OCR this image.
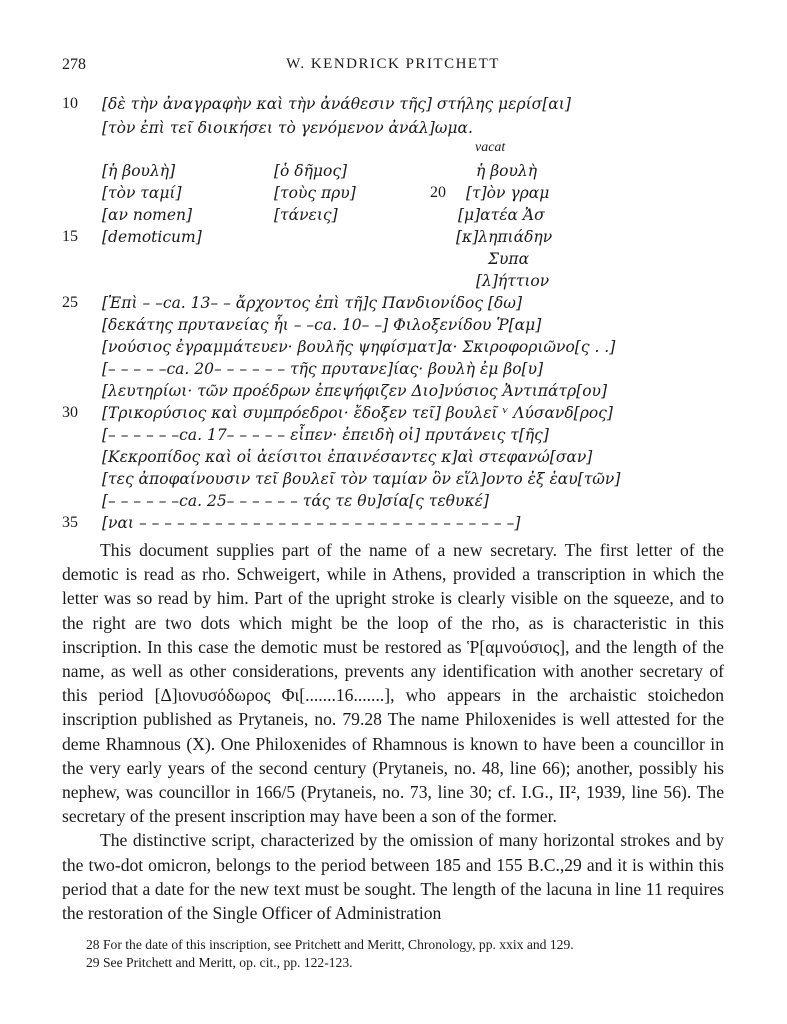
278	W. KENDRICK PRITCHETT
10 [δὲ τὴν ἀναγραφὴν καὶ τὴν ἀνάθεσιν τῆς] στήλης μερίσ[αι]
[τὸν ἐπὶ τεῖ διοικήσει τὸ γενόμενον ἀνάλ]ωμα.
vacat
[ἡ βουλὴ]
[τὸν ταμί]
[αν nomen]
15 [demoticum]
[ὁ δῆμος]
[τοὺς πρυ]
[τάνεις]
ἡ βουλὴ
20 [τ]ὸν γραμ
[μ]ατέα Ἀσ
[κ]ληπιάδην
Συπα
[λ]ήττιον
25 [Ἐπὶ – –ca. 13– – ἄρχοντος ἐπὶ τῆ]ς Πανδιονίδος [δω]
[δεκάτης πρυτανείας ἧι – –ca. 10– –] Φιλοξενίδου Ῥ[αμ]
[νούσιος ἐγραμμάτευεν· βουλῆς ψηφίσματ]α· Σκιροφοριῶνο[ς . .]
[– – – – –ca. 20– – – – – – τῆς πρυτανε]ίας· βουλὴ ἐμ βο[υ]
[λευτηρίωι· τῶν προέδρων ἐπεψήφιζεν Διο]νύσιος Ἀντιπάτρ[ου]
30 [Τρικορύσιος καὶ συμπρόεδροι· ἔδοξεν τεῖ] βουλεῖ ᵛ Λύσανδ[ρος]
[– – – – – –ca. 17– – – – – εἶπεν· ἐπειδὴ οἱ] πρυτάνεις τ[ῆς]
[Κεκροπίδος καὶ οἱ ἀείσιτοι ἐπαινέσαντες κ]αὶ στεφανώ[σαν]
[τες ἀποφαίνουσιν τεῖ βουλεῖ τὸν ταμίαν ὃν εἵλ]οντο ἐξ ἑαυ[τῶν]
[– – – – – –ca. 25– – – – – – τάς τε θυ]σία[ς τεθυκέ]
35 [ναι – – – – – – – – – – – – – – – – – – – – – – – – – – – – – –]

This document supplies part of the name of a new secretary. The first letter of the demotic is read as rho. Schweigert, while in Athens, provided a transcription in which the letter was so read by him. Part of the upright stroke is clearly visible on the squeeze, and to the right are two dots which might be the loop of the rho, as is characteristic in this inscription. In this case the demotic must be restored as Ῥ[αμνούσιος], and the length of the name, as well as other considerations, prevents any identification with another secretary of this period [Δ]ιονυσόδωρος Φι[.......16.......], who appears in the archaistic stoichedon inscription published as Prytaneis, no. 79.28 The name Philoxenides is well attested for the deme Rhamnous (X). One Philoxenides of Rhamnous is known to have been a councillor in the very early years of the second century (Prytaneis, no. 48, line 66); another, possibly his nephew, was councillor in 166/5 (Prytaneis, no. 73, line 30; cf. I.G., II², 1939, line 56). The secretary of the present inscription may have been a son of the former.

The distinctive script, characterized by the omission of many horizontal strokes and by the two-dot omicron, belongs to the period between 185 and 155 B.C.,29 and it is within this period that a date for the new text must be sought. The length of the lacuna in line 11 requires the restoration of the Single Officer of Administration

28 For the date of this inscription, see Pritchett and Meritt, Chronology, pp. xxix and 129.
29 See Pritchett and Meritt, op. cit., pp. 122-123.
